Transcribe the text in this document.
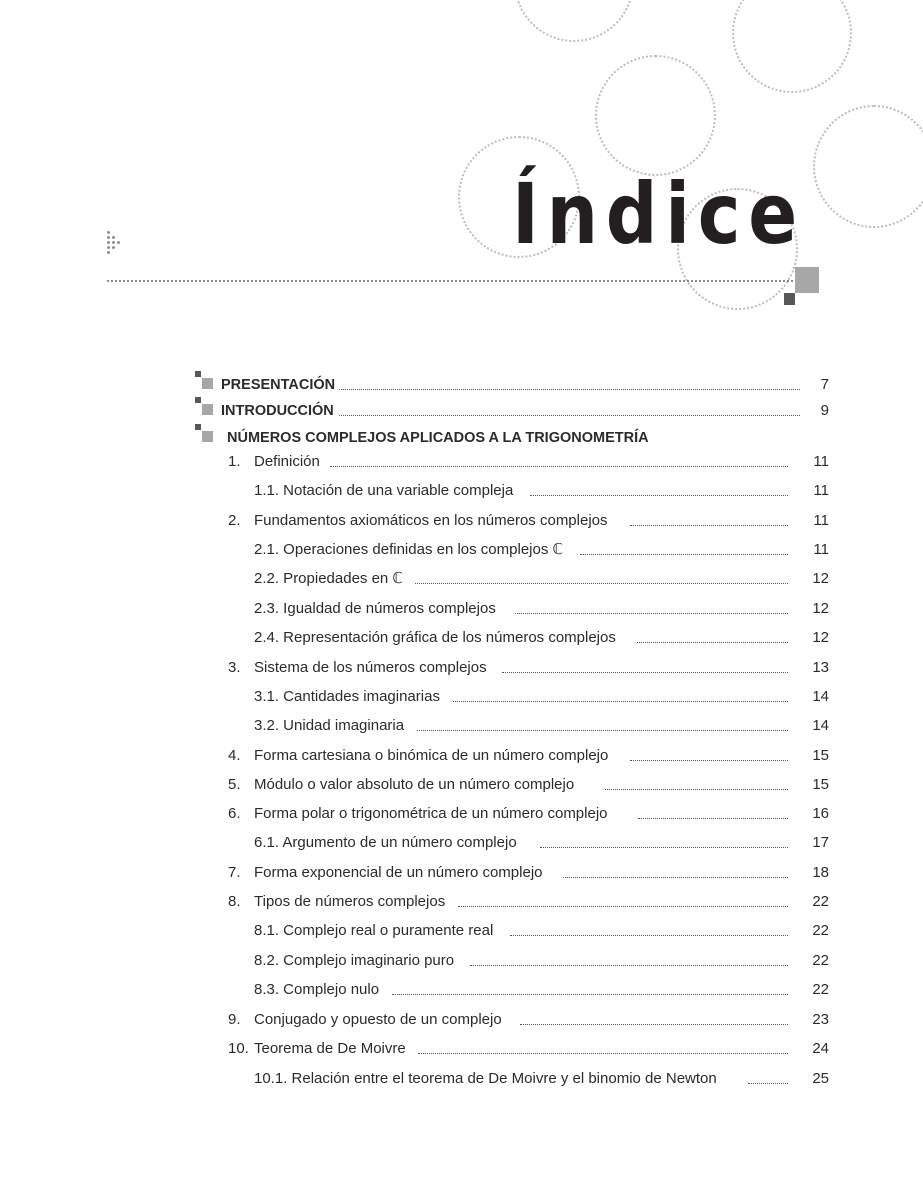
Índice
PRESENTACIÓN	7
INTRODUCCIÓN	9
NÚMEROS COMPLEJOS APLICADOS A LA TRIGONOMETRÍA
1. Definición	11
1.1. Notación de una variable compleja	11
2. Fundamentos axiomáticos en los números complejos	11
2.1. Operaciones definidas en los complejos ℂ	11
2.2. Propiedades en ℂ	12
2.3. Igualdad de números complejos	12
2.4. Representación gráfica de los números complejos	12
3. Sistema de los números complejos	13
3.1. Cantidades imaginarias	14
3.2. Unidad imaginaria	14
4. Forma cartesiana o binómica de un número complejo	15
5. Módulo o valor absoluto de un número complejo	15
6. Forma polar o trigonométrica de un número complejo	16
6.1. Argumento de un número complejo	17
7. Forma exponencial de un número complejo	18
8. Tipos de números complejos	22
8.1. Complejo real o puramente real	22
8.2. Complejo imaginario puro	22
8.3. Complejo nulo	22
9. Conjugado y opuesto de un complejo	23
10. Teorema de De Moivre	24
10.1. Relación entre el teorema de De Moivre y el binomio de Newton	25
